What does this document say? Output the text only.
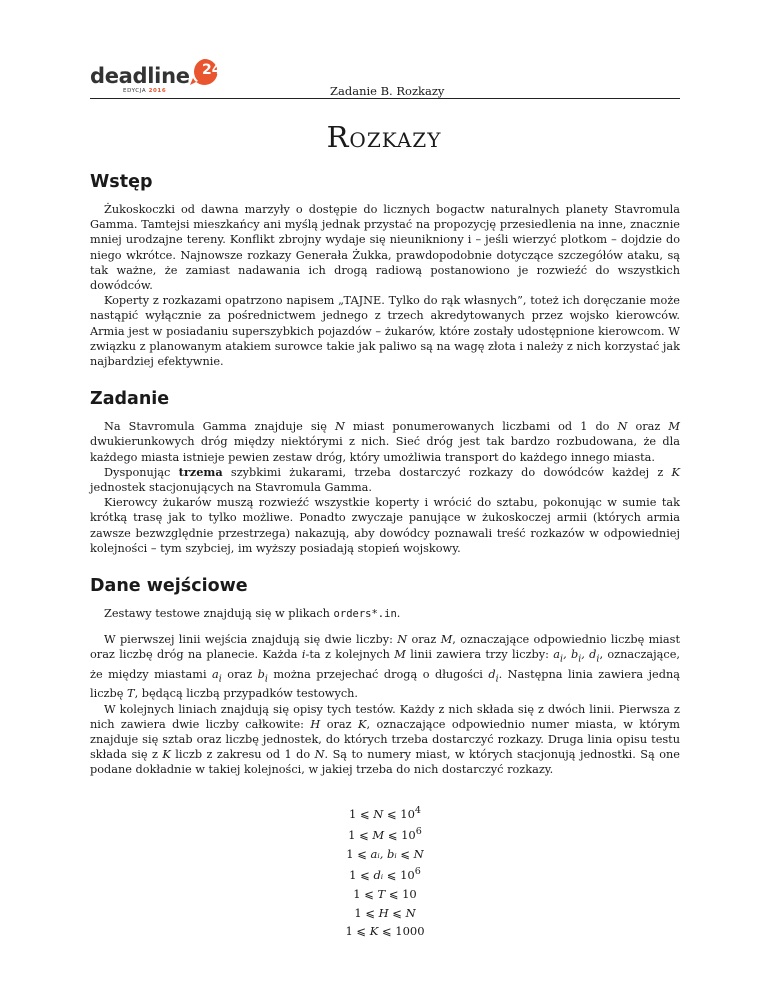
deadline 24
EDYCJA 2016	Zadanie B. Rozkazy
Rozkazy
Wstęp

Żukoskoczki od dawna marzyły o dostępie do licznych bogactw naturalnych planety Stavromula Gamma. Tamtejsi mieszkańcy ani myślą jednak przystać na propozycję przesiedlenia na inne, znacznie mniej urodzajne tereny. Konflikt zbrojny wydaje się nieunikniony i – jeśli wierzyć plotkom – dojdzie do niego wkrótce. Najnowsze rozkazy Generała Żukka, prawdopodobnie dotyczące szczegółów ataku, są tak ważne, że zamiast nadawania ich drogą radiową postanowiono je rozwieźć do wszystkich dowódców.

Koperty z rozkazami opatrzono napisem „TAJNE. Tylko do rąk własnych”, toteż ich doręczanie może nastąpić wyłącznie za pośrednictwem jednego z trzech akredytowanych przez wojsko kierowców. Armia jest w posiadaniu superszybkich pojazdów – żukarów, które zostały udostępnione kierowcom. W związku z planowanym atakiem surowce takie jak paliwo są na wagę złota i należy z nich korzystać jak najbardziej efektywnie.

Zadanie

Na Stavromula Gamma znajduje się N miast ponumerowanych liczbami od 1 do N oraz M dwukierunkowych dróg między niektórymi z nich. Sieć dróg jest tak bardzo rozbudowana, że dla każdego miasta istnieje pewien zestaw dróg, który umożliwia transport do każdego innego miasta.

Dysponując trzema szybkimi żukarami, trzeba dostarczyć rozkazy do dowódców każdej z K jednostek stacjonujących na Stavromula Gamma.

Kierowcy żukarów muszą rozwieźć wszystkie koperty i wrócić do sztabu, pokonując w sumie tak krótką trasę jak to tylko możliwe. Ponadto zwyczaje panujące w żukoskoczej armii (których armia zawsze bezwzględnie przestrzega) nakazują, aby dowódcy poznawali treść rozkazów w odpowiedniej kolejności – tym szybciej, im wyższy posiadają stopień wojskowy.

Dane wejściowe

Zestawy testowe znajdują się w plikach orders*.in.

W pierwszej linii wejścia znajdują się dwie liczby: N oraz M, oznaczające odpowiednio liczbę miast oraz liczbę dróg na planecie. Każda i-ta z kolejnych M linii zawiera trzy liczby: $a_i$, $b_i$, $d_i$, oznaczające, że między miastami $a_i$ oraz $b_i$ można przejechać drogą o długości $d_i$. Następna linia zawiera jedną liczbę T, będącą liczbą przypadków testowych.

W kolejnych liniach znajdują się opisy tych testów. Każdy z nich składa się z dwóch linii. Pierwsza z nich zawiera dwie liczby całkowite: H oraz K, oznaczające odpowiednio numer miasta, w którym znajduje się sztab oraz liczbę jednostek, do których trzeba dostarczyć rozkazy. Druga linia opisu testu składa się z K liczb z zakresu od 1 do N. Są to numery miast, w których stacjonują jednostki. Są one podane dokładnie w takiej kolejności, w jakiej trzeba do nich dostarczyć rozkazy.

1 ⩽ N ⩽ $10^4$
1 ⩽ M ⩽ $10^6$
1 ⩽ aᵢ, bᵢ ⩽ N
1 ⩽ dᵢ ⩽ $10^6$
1 ⩽ T ⩽ 10
1 ⩽ H ⩽ N
1 ⩽ K ⩽ 1000
